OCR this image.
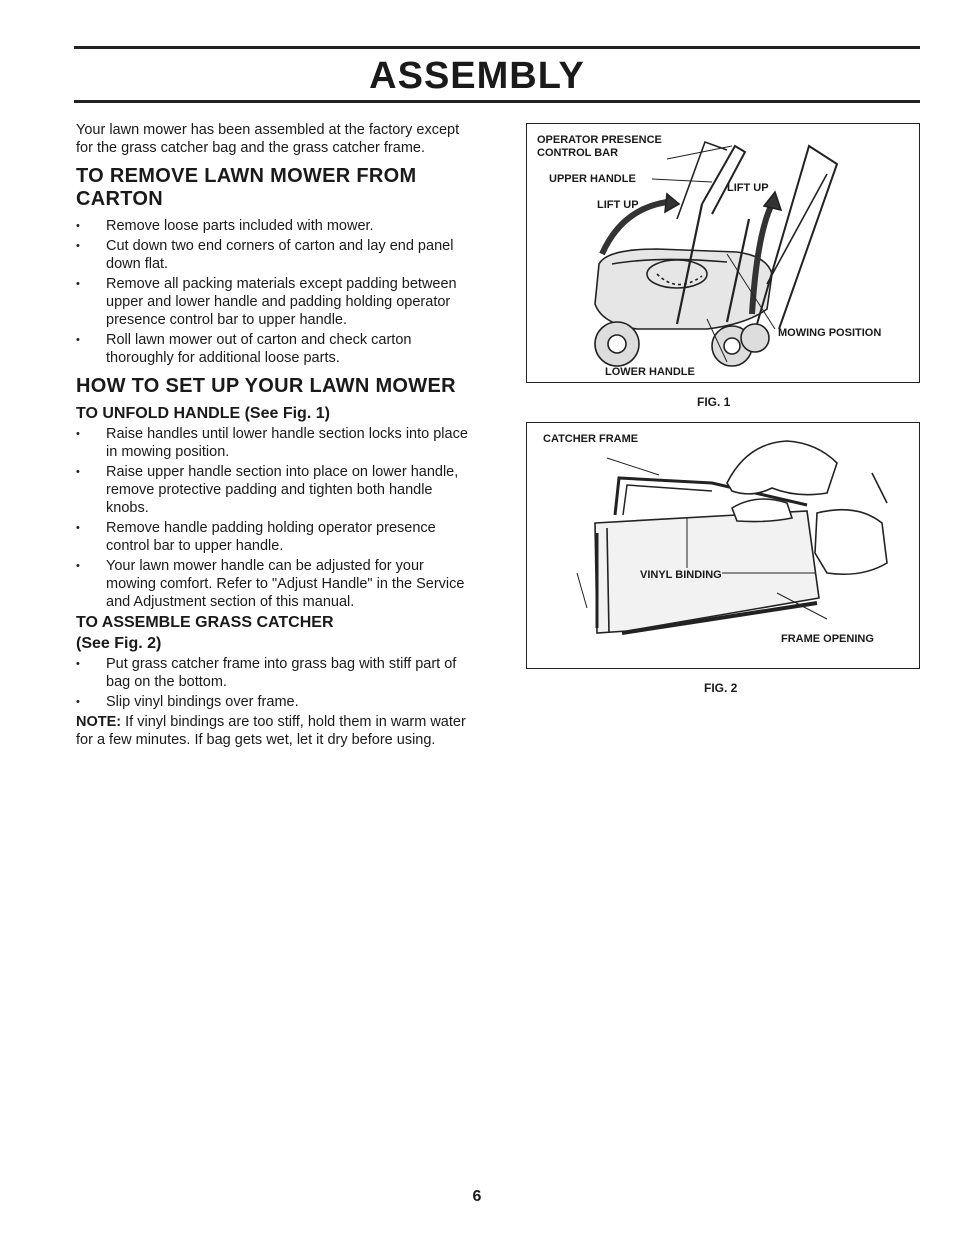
ASSEMBLY

Your lawn mower has been assembled at the factory except for the grass catcher bag and the grass catcher frame.

TO REMOVE LAWN MOWER FROM CARTON
• Remove loose parts included with mower.
• Cut down two end corners of carton and lay end panel down flat.
• Remove all packing materials except padding between upper and lower handle and padding holding operator presence control bar to upper handle.
• Roll lawn mower out of carton and check carton thoroughly for additional loose parts.
HOW TO SET UP YOUR LAWN MOWER
TO UNFOLD HANDLE (See Fig. 1)
• Raise handles until lower handle section locks into place in mowing position.
• Raise upper handle section into place on lower handle, remove protective padding and tighten both handle knobs.
• Remove handle padding holding operator presence control bar to upper handle.
• Your lawn mower handle can be adjusted for your mowing comfort. Refer to "Adjust Handle" in the Service and Adjustment section of this manual.
TO ASSEMBLE GRASS CATCHER
(See Fig. 2)
• Put grass catcher frame into grass bag with stiff part of bag on the bottom.
• Slip vinyl bindings over frame.

NOTE: If vinyl bindings are too stiff, hold them in warm water for a few minutes. If bag gets wet, let it dry before using.

OPERATOR PRESENCE
CONTROL BAR
UPPER HANDLE
LIFT UP
LIFT UP
MOWING POSITION
LOWER HANDLE
FIG. 1
CATCHER FRAME
VINYL BINDING
FRAME OPENING
FIG. 2
6
